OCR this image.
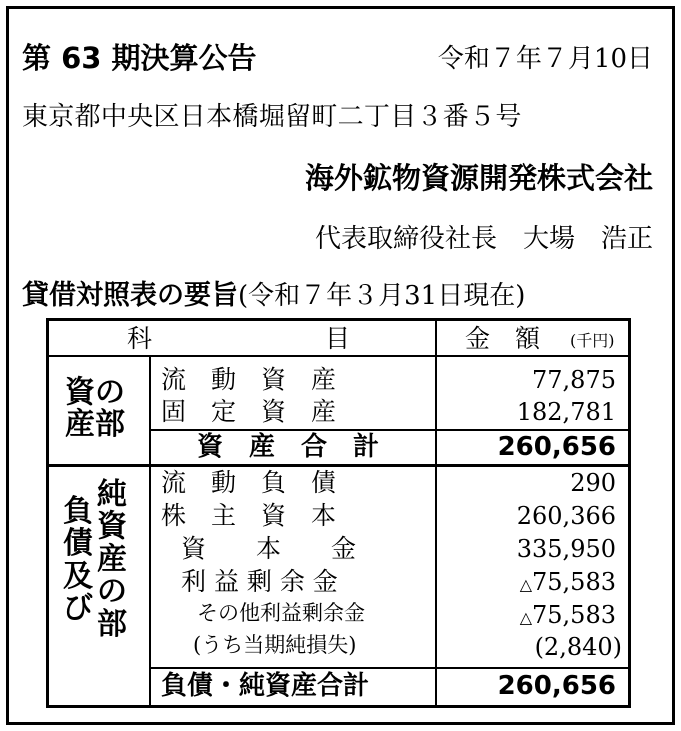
第 63 期決算公告	令和７年７月10日
東京都中央区日本橋堀留町二丁目３番５号
海外鉱物資源開発株式会社
代表取締役社長　大場　浩正
貸借対照表の要旨(令和７年３月31日現在)
科	目	金　額 (千円)
資の
産部
流　動　資　産	77,875
固　定　資　産	182,781
資　産　合　計	260,656
負
債
及
び
純
資
産
の
部
流　動　負　債	290
株　主　資　本	260,366
資　　本　　金	335,950
利 益 剰 余 金	△75,583
その他利益剰余金	△75,583
(うち当期純損失)	(2,840)
負債・純資産合計	260,656
